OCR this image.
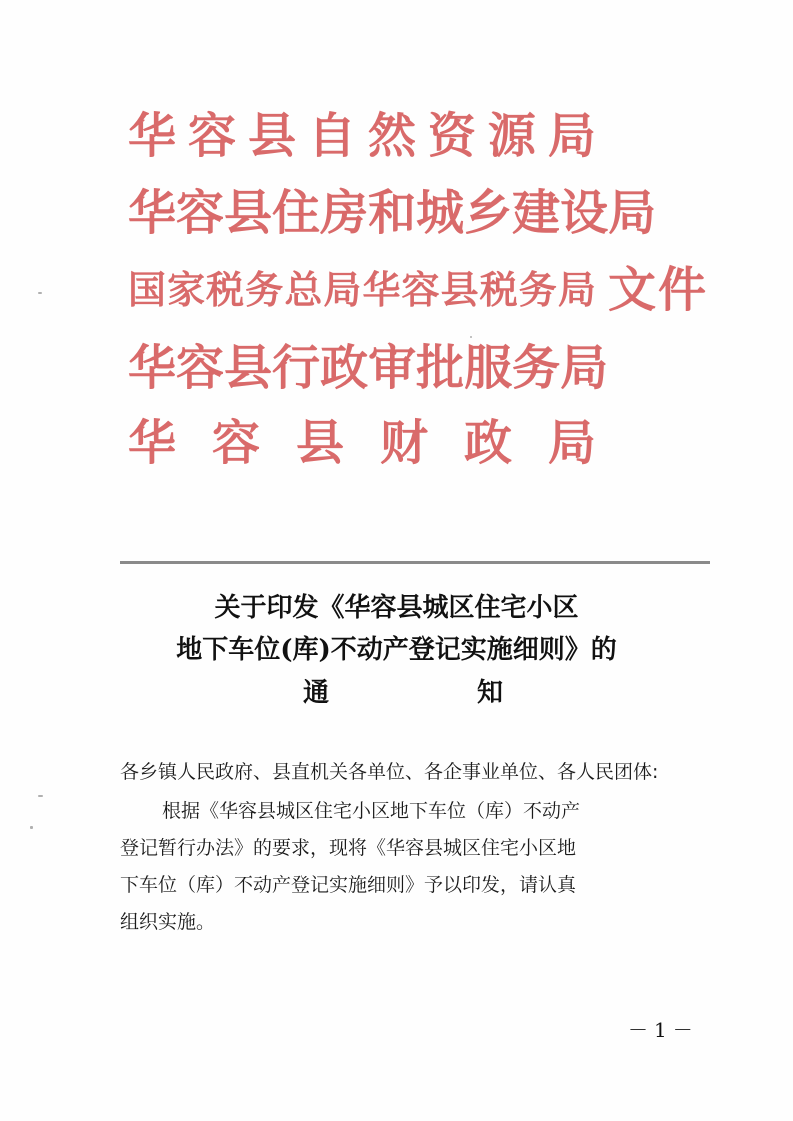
华 容 县 自 然 资 源 局
华 容 县 住 房 和 城 乡 建 设 局
国 家 税 务 总 局 华 容 县 税 务 局 文件
华 容 县 行 政 审 批 服 务 局
华 容 县 财 政 局
关于印发《华容县城区住宅小区
地下车位(库)不动产登记实施细则》的
通	知
各乡镇人民政府、县直机关各单位、各企事业单位、各人民团体:
根据《华容县城区住宅小区地下车位（库）不动产
登记暂行办法》的要求，现将《华容县城区住宅小区地
下车位（库）不动产登记实施细则》予以印发，请认真
组织实施。
－1－
